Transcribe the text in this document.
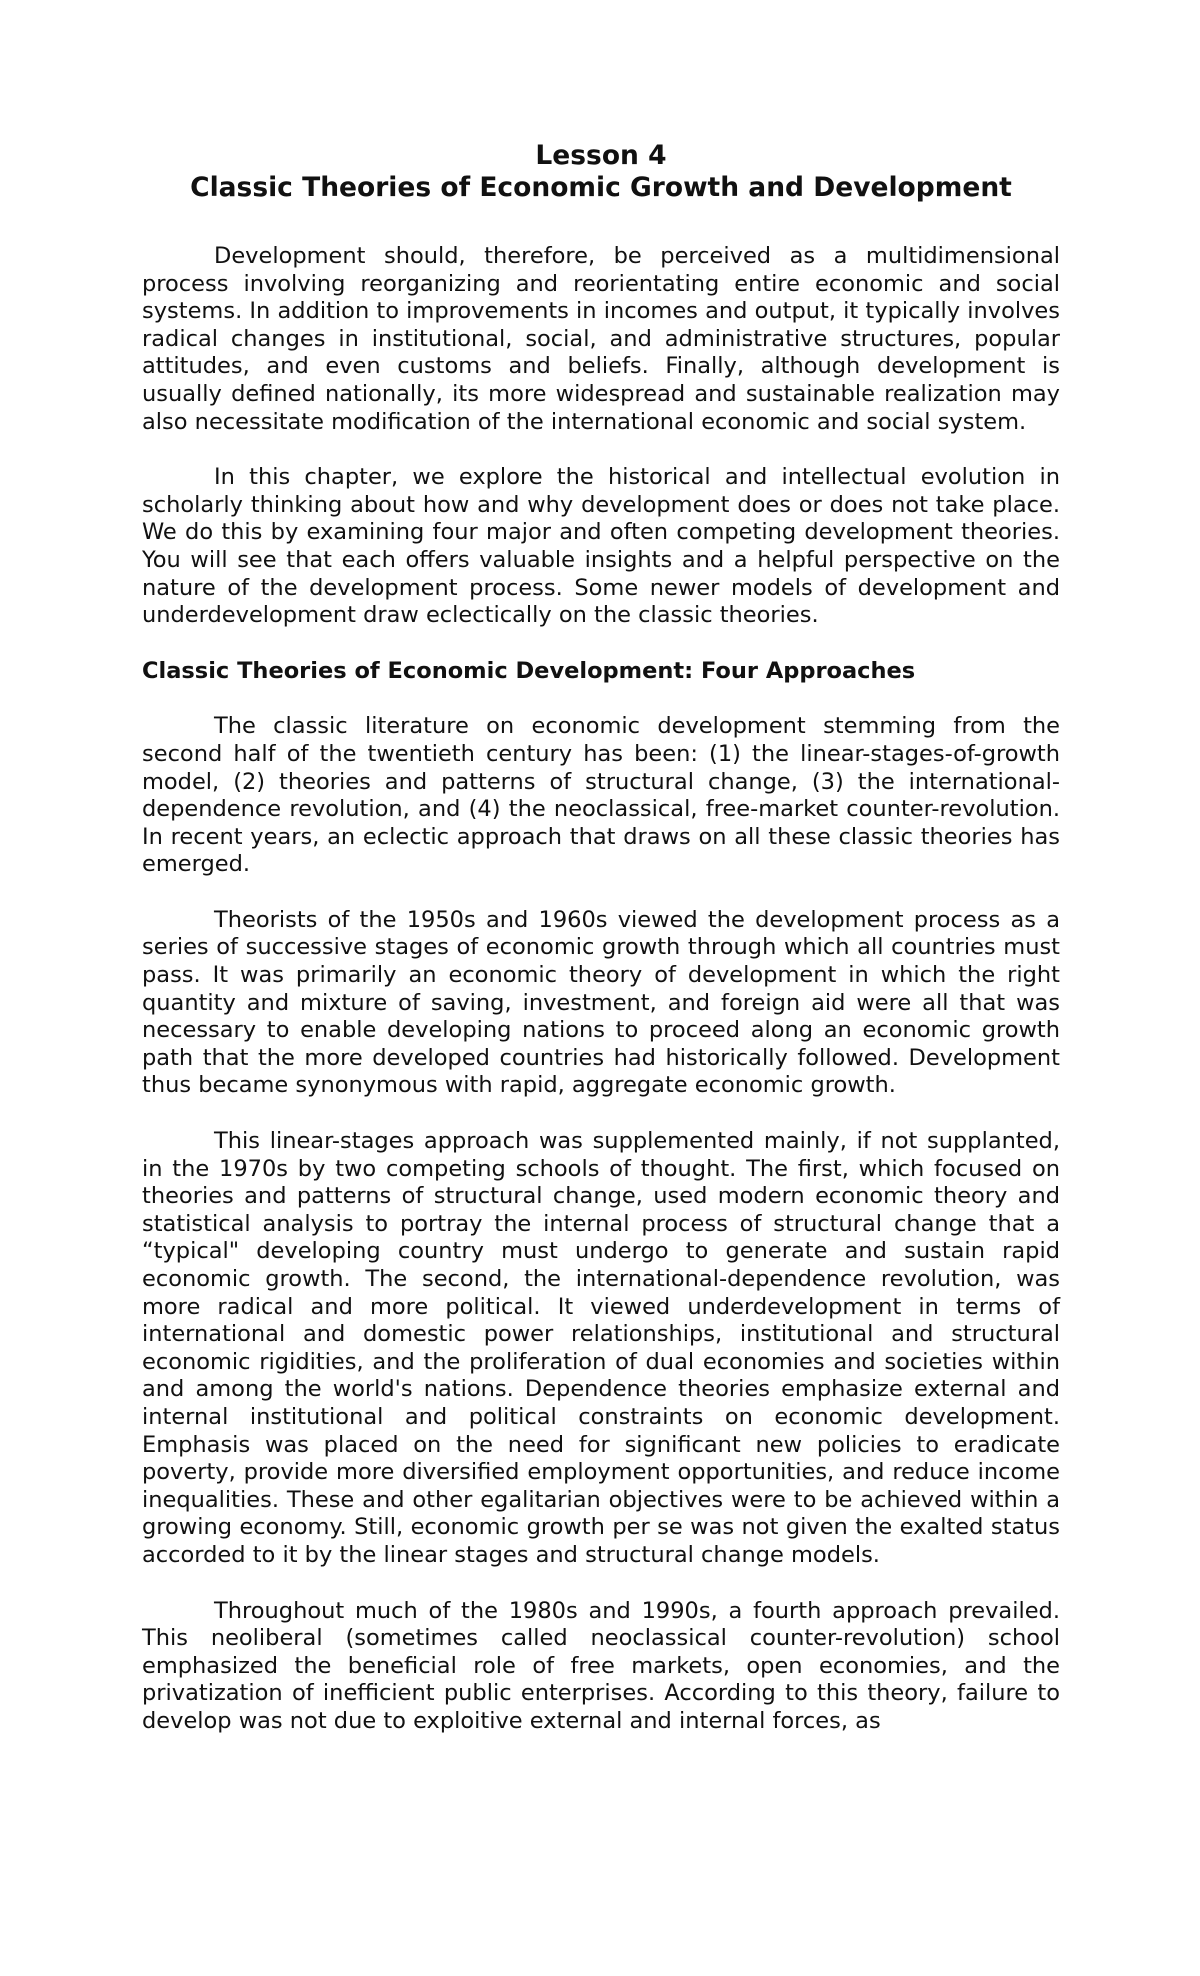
Lesson 4
Classic Theories of Economic Growth and Development

Development should, therefore, be perceived as a multidimensional process involving reorganizing and reorientating entire economic and social systems. In addition to improvements in incomes and output, it typically involves radical changes in institutional, social, and administrative structures, popular attitudes, and even customs and beliefs. Finally, although development is usually defined nationally, its more widespread and sustainable realization may also necessitate modification of the international economic and social system.

In this chapter, we explore the historical and intellectual evolution in scholarly thinking about how and why development does or does not take place. We do this by examining four major and often competing development theories. You will see that each offers valuable insights and a helpful perspective on the nature of the development process. Some newer models of development and underdevelopment draw eclectically on the classic theories.

Classic Theories of Economic Development: Four Approaches

The classic literature on economic development stemming from the second half of the twentieth century has been: (1) the linear-stages-of-growth model, (2) theories and patterns of structural change, (3) the international-dependence revolution, and (4) the neoclassical, free-market counter-revolution. In recent years, an eclectic approach that draws on all these classic theories has emerged.

Theorists of the 1950s and 1960s viewed the development process as a series of successive stages of economic growth through which all countries must pass. It was primarily an economic theory of development in which the right quantity and mixture of saving, investment, and foreign aid were all that was necessary to enable developing nations to proceed along an economic growth path that the more developed countries had historically followed. Development thus became synonymous with rapid, aggregate economic growth.

This linear-stages approach was supplemented mainly, if not supplanted, in the 1970s by two competing schools of thought. The first, which focused on theories and patterns of structural change, used modern economic theory and statistical analysis to portray the internal process of structural change that a “typical" developing country must undergo to generate and sustain rapid economic growth. The second, the international-dependence revolution, was more radical and more political. It viewed underdevelopment in terms of international and domestic power relationships, institutional and structural economic rigidities, and the proliferation of dual economies and societies within and among the world's nations. Dependence theories emphasize external and internal institutional and political constraints on economic development. Emphasis was placed on the need for significant new policies to eradicate poverty, provide more diversified employment opportunities, and reduce income inequalities. These and other egalitarian objectives were to be achieved within a growing economy. Still, economic growth per se was not given the exalted status accorded to it by the linear stages and structural change models.

Throughout much of the 1980s and 1990s, a fourth approach prevailed. This neoliberal (sometimes called neoclassical counter-revolution) school emphasized the beneficial role of free markets, open economies, and the privatization of inefficient public enterprises. According to this theory, failure to develop was not due to exploitive external and internal forces, as
